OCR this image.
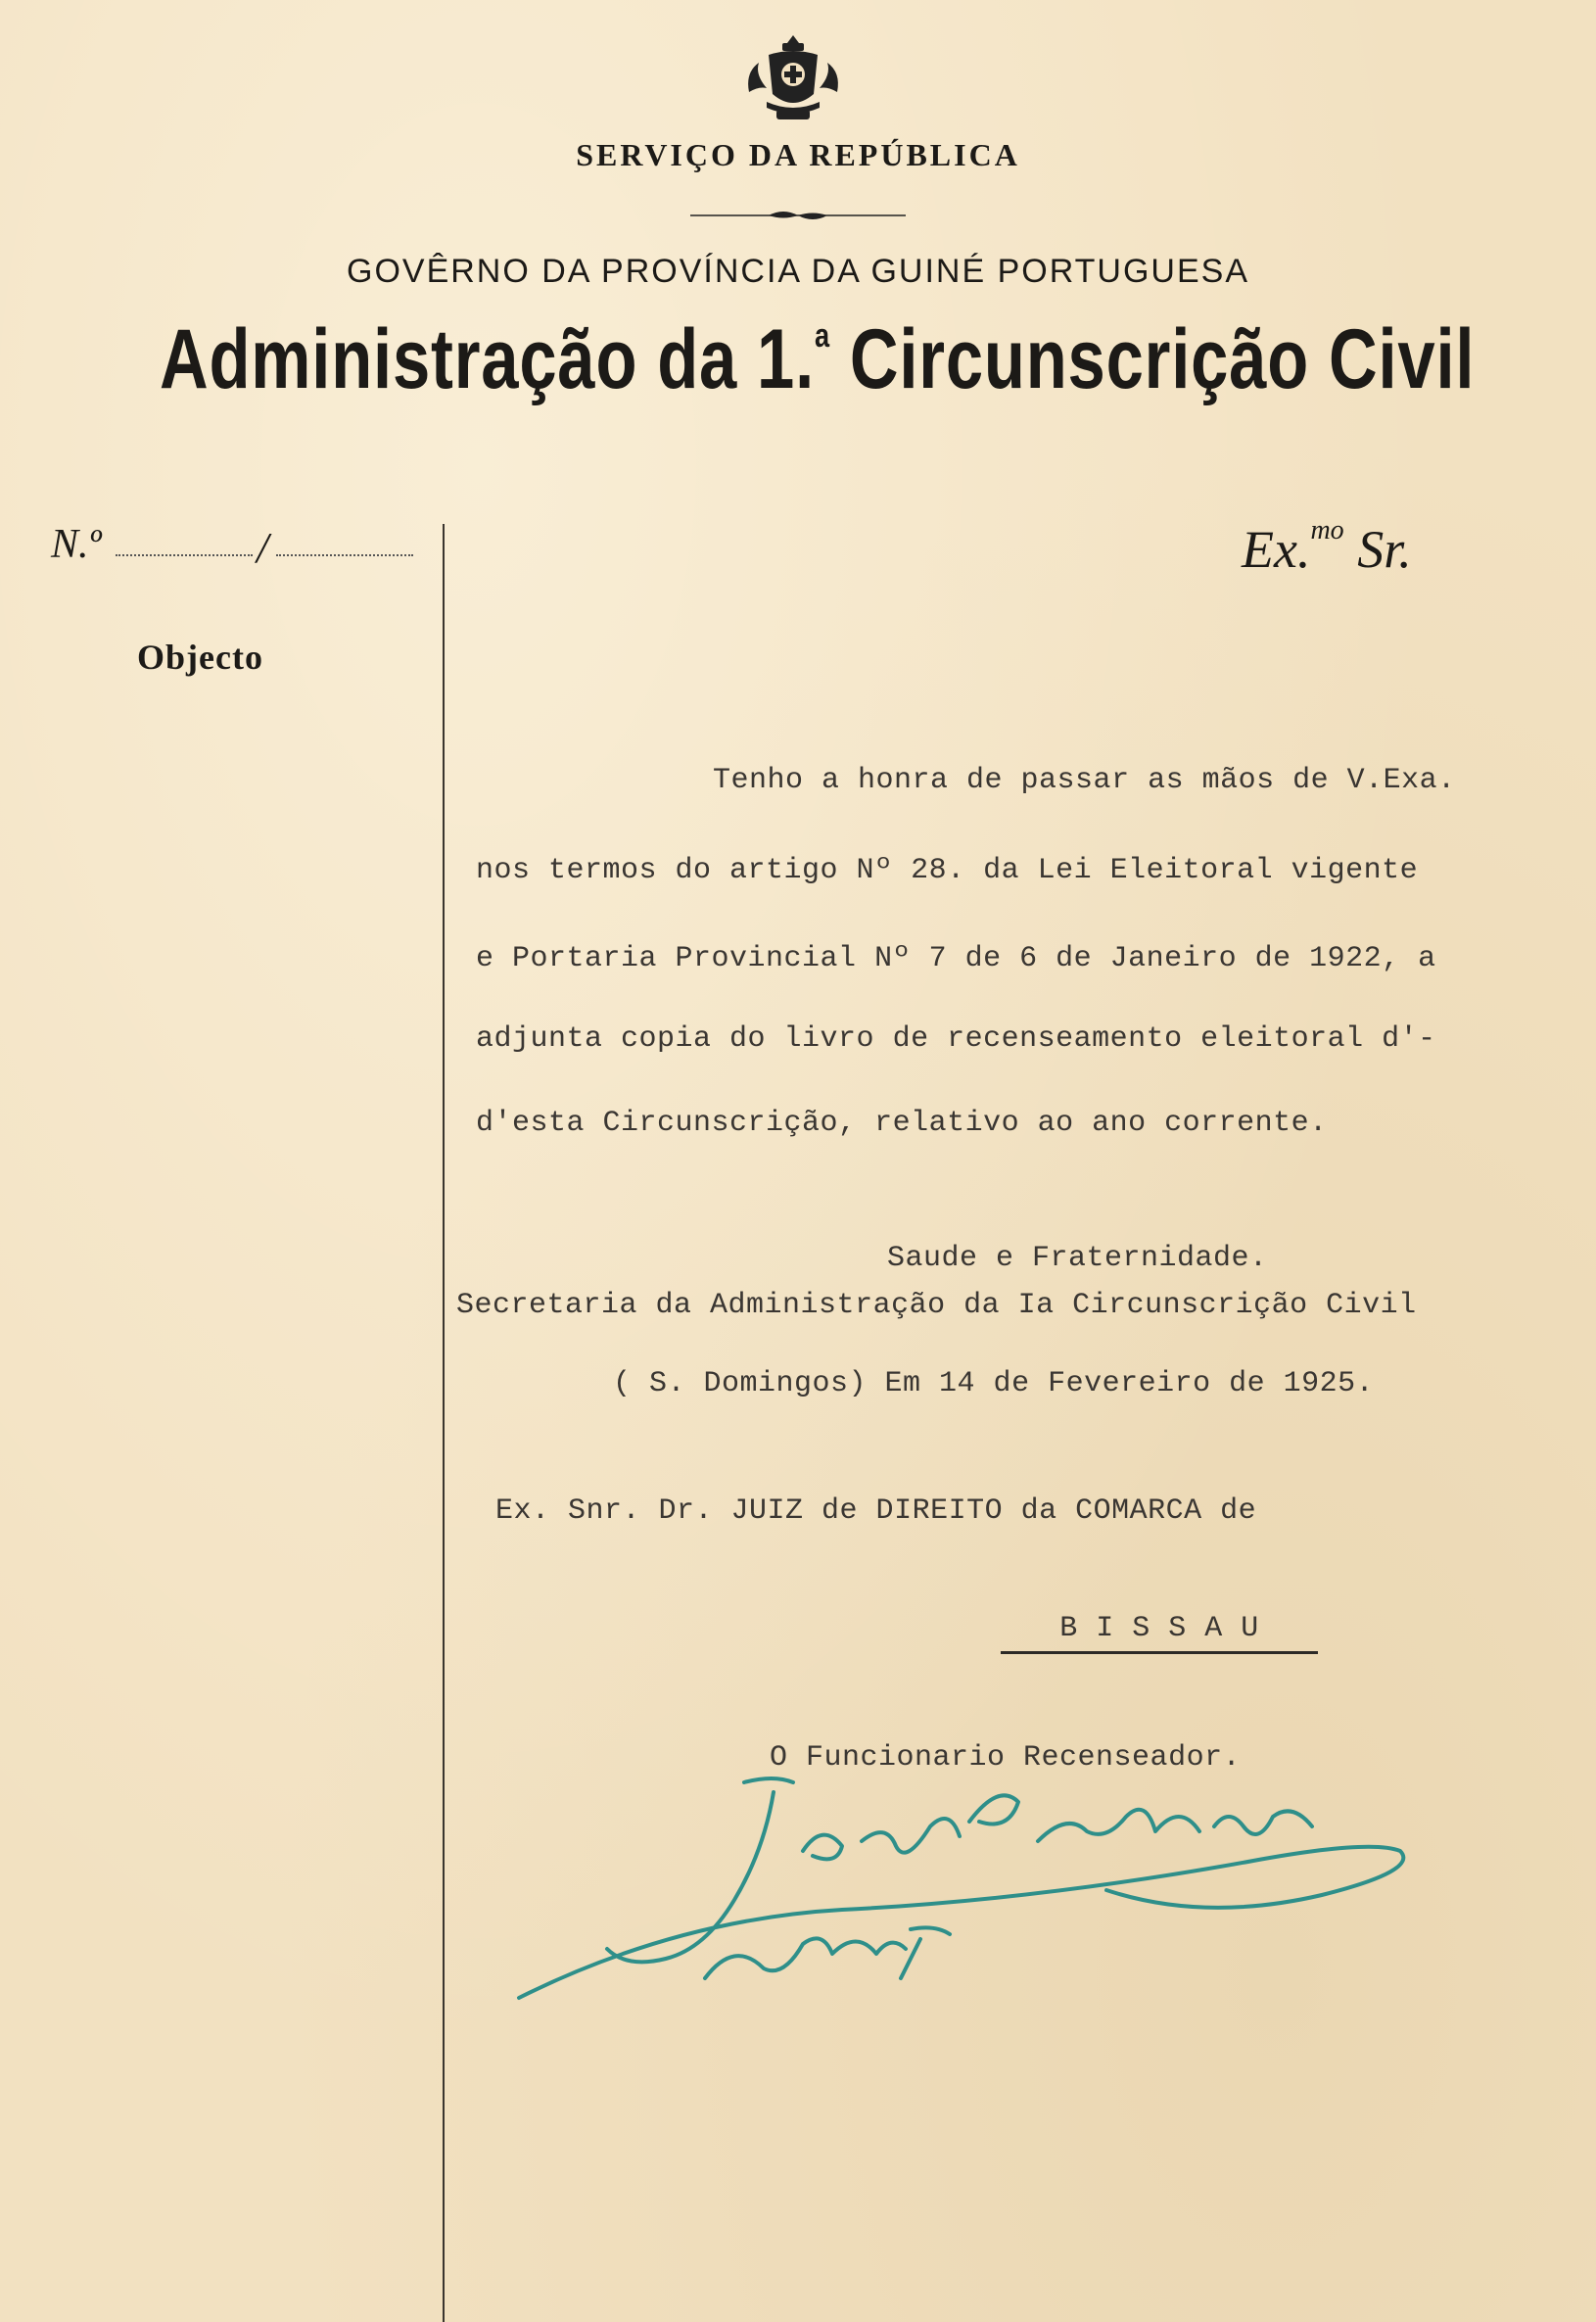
SERVIÇO DA REPÚBLICA
GOVÊRNO DA PROVÍNCIA DA GUINÉ PORTUGUESA
Administração da 1.$^a$ Circunscrição Civil
N.º	/	Ex.$^{mo}$ Sr.
Objecto
Tenho a honra de passar as mãos de V.Exa.
nos termos do artigo Nº 28. da Lei Eleitoral vigente
e Portaria Provincial Nº 7 de 6 de Janeiro de 1922, a
adjunta copia do livro de recenseamento eleitoral d'-
d'esta Circunscrição, relativo ao ano corrente.
Saude e Fraternidade.
Secretaria da Administração da Ia Circunscrição Civil
( S. Domingos) Em 14 de Fevereiro de 1925.
Ex. Snr. Dr. JUIZ de DIREITO da COMARCA de
B I S S A U
O Funcionario Recenseador.
